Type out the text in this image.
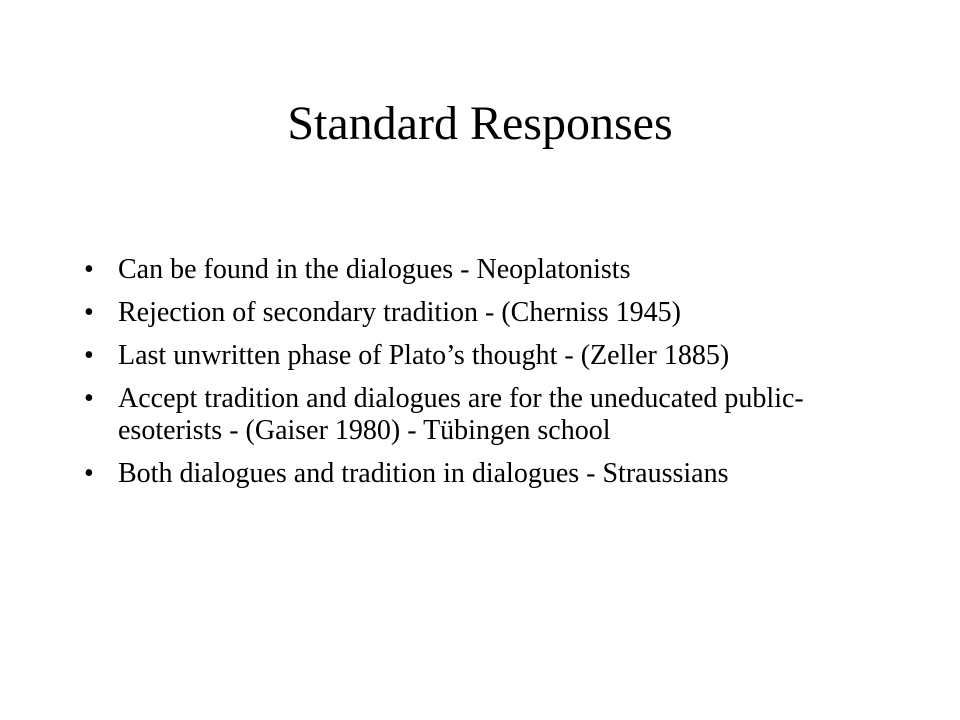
Standard Responses
• Can be found in the dialogues - Neoplatonists
• Rejection of secondary tradition - (Cherniss 1945)
• Last unwritten phase of Plato’s thought - (Zeller 1885)
• Accept tradition and dialogues are for the uneducated public- esoterists - (Gaiser 1980) - Tübingen school
• Both dialogues and tradition in dialogues - Straussians
